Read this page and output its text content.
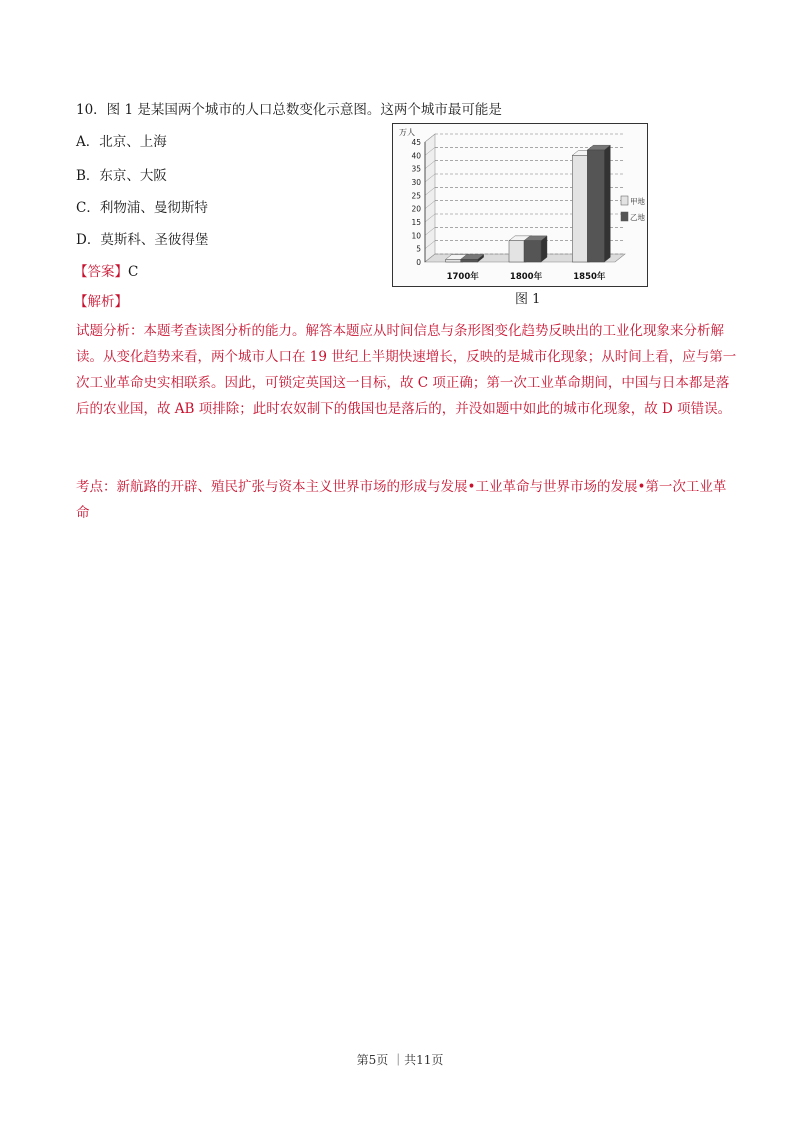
10．图 1 是某国两个城市的人口总数变化示意图。这两个城市最可能是
A．北京、上海
B．东京、大阪
C．利物浦、曼彻斯特
D．莫斯科、圣彼得堡
0
5
10
15
20
25
30
35
40
45
万人
1700年	1800年	1850年
甲地
乙地
图 1
【答案】C
【解析】
试题分析：本题考查读图分析的能力。解答本题应从时间信息与条形图变化趋势反映出的工业化现象来分析解读。从变化趋势来看，两个城市人口在 19 世纪上半期快速增长，反映的是城市化现象；从时间上看，应与第一次工业革命史实相联系。因此，可锁定英国这一目标，故 C 项正确；第一次工业革命期间，中国与日本都是落后的农业国，故 AB 项排除；此时农奴制下的俄国也是落后的，并没如题中如此的城市化现象，故 D 项错误。
考点：新航路的开辟、殖民扩张与资本主义世界市场的形成与发展•工业革命与世界市场的发展•第一次工业革命
第5页 ｜共11页
